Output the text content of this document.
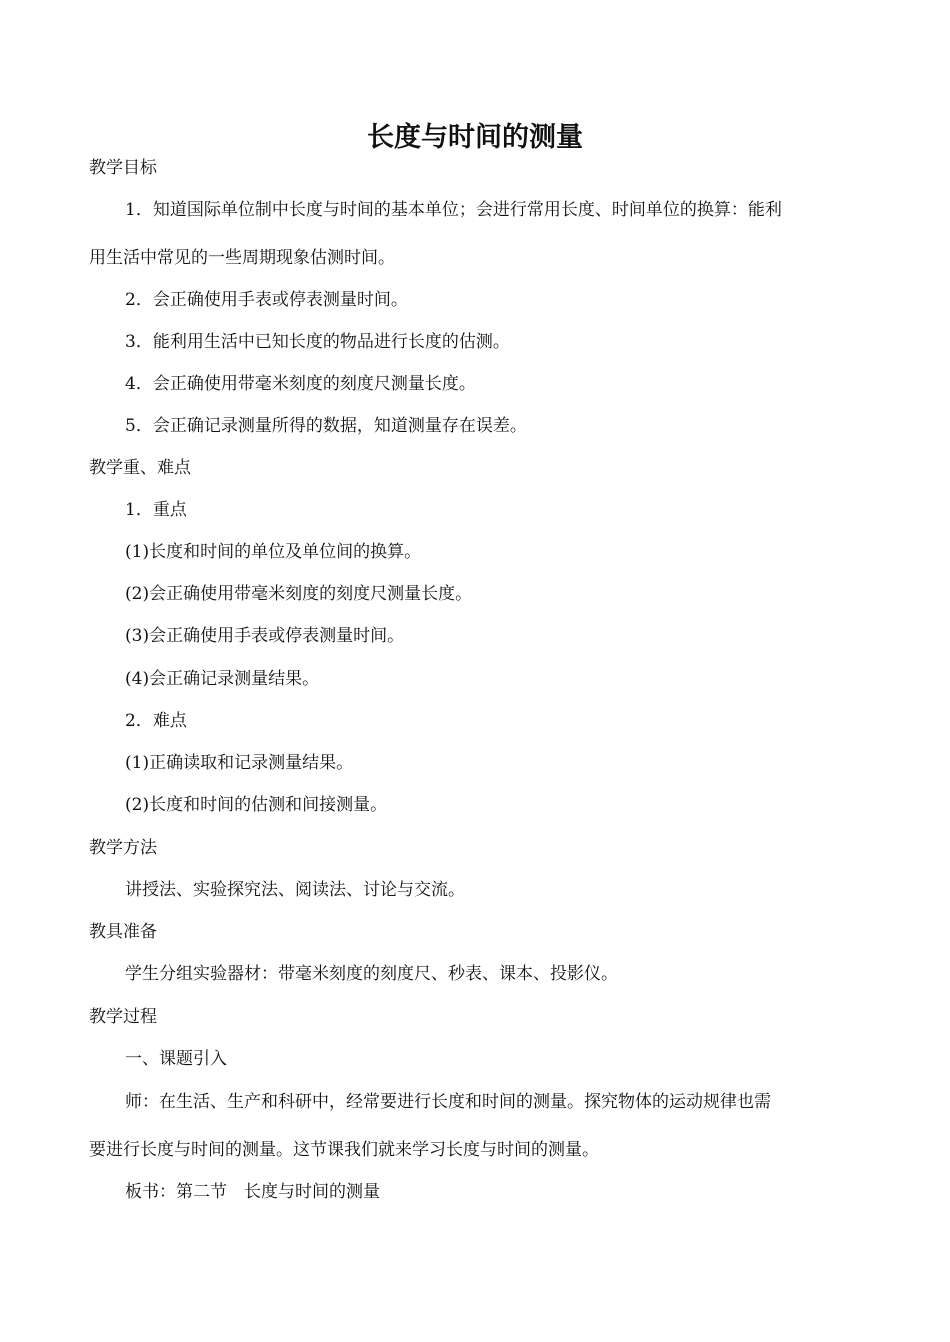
长度与时间的测量
教学目标
1．知道国际单位制中长度与时间的基本单位；会进行常用长度、时间单位的换算：能利
用生活中常见的一些周期现象估测时间。
2．会正确使用手表或停表测量时间。
3．能利用生活中已知长度的物品进行长度的估测。
4．会正确使用带毫米刻度的刻度尺测量长度。
5．会正确记录测量所得的数据，知道测量存在误差。
教学重、难点
1．重点
(1)长度和时间的单位及单位间的换算。
(2)会正确使用带毫米刻度的刻度尺测量长度。
(3)会正确使用手表或停表测量时间。
(4)会正确记录测量结果。
2．难点
(1)正确读取和记录测量结果。
(2)长度和时间的估测和间接测量。
教学方法
讲授法、实验探究法、阅读法、讨论与交流。
教具准备
学生分组实验器材：带毫米刻度的刻度尺、秒表、课本、投影仪。
教学过程
一、课题引入
师：在生活、生产和科研中，经常要进行长度和时间的测量。探究物体的运动规律也需
要进行长度与时间的测量。这节课我们就来学习长度与时间的测量。
板书：第二节　长度与时间的测量
